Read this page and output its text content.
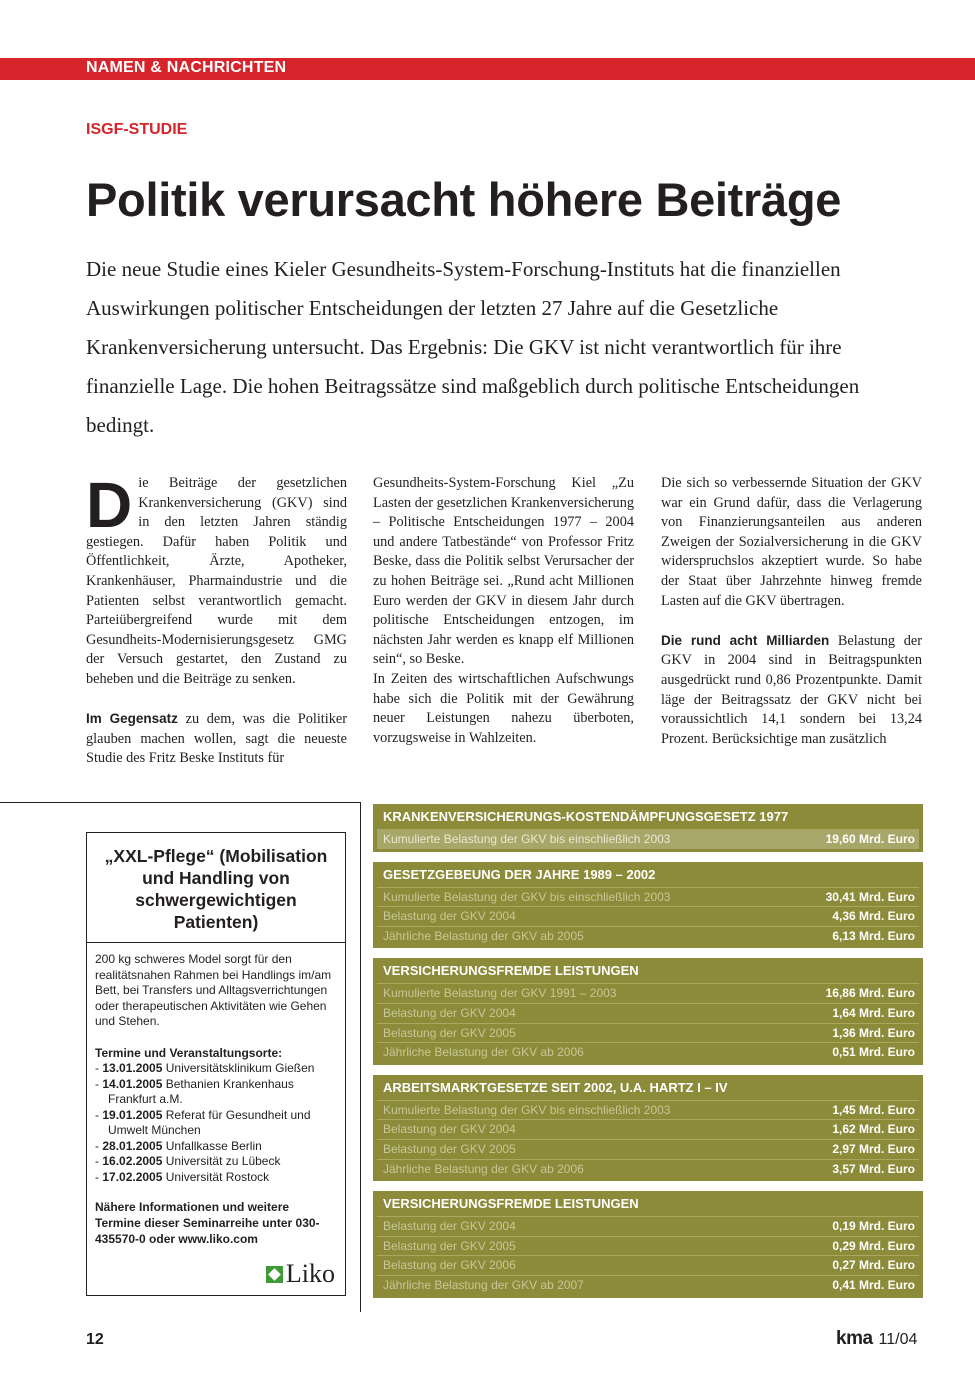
NAMEN & NACHRICHTEN
ISGF-STUDIE
Politik verursacht höhere Beiträge

Die neue Studie eines Kieler Gesundheits-System-Forschung-Instituts hat die finanziellen Auswirkungen politischer Entscheidungen der letzten 27 Jahre auf die Gesetzliche Krankenversicherung untersucht. Das Ergebnis: Die GKV ist nicht verantwortlich für ihre finanzielle Lage. Die hohen Beitragssätze sind maßgeblich durch politische Entscheidungen bedingt.

Die Beiträge der gesetzlichen Krankenversicherung (GKV) sind in den letzten Jahren ständig gestiegen. Dafür haben Politik und Öffentlichkeit, Ärzte, Apotheker, Krankenhäuser, Pharmaindustrie und die Patienten selbst verantwortlich gemacht. Parteiübergreifend wurde mit dem Gesundheits-Modernisierungsgesetz GMG der Versuch gestartet, den Zustand zu beheben und die Beiträge zu senken.

Im Gegensatz zu dem, was die Politiker glauben machen wollen, sagt die neueste Studie des Fritz Beske Instituts für

Gesundheits-System-Forschung Kiel „Zu Lasten der gesetzlichen Krankenversicherung – Politische Entscheidungen 1977 – 2004 und andere Tatbestände“ von Professor Fritz Beske, dass die Politik selbst Verursacher der zu hohen Beiträge sei. „Rund acht Millionen Euro werden der GKV in diesem Jahr durch politische Entscheidungen entzogen, im nächsten Jahr werden es knapp elf Millionen sein“, so Beske.

In Zeiten des wirtschaftlichen Aufschwungs habe sich die Politik mit der Gewährung neuer Leistungen nahezu überboten, vorzugsweise in Wahlzeiten.

Die sich so verbessernde Situation der GKV war ein Grund dafür, dass die Verlagerung von Finanzierungsanteilen aus anderen Zweigen der Sozialversicherung in die GKV widerspruchslos akzeptiert wurde. So habe der Staat über Jahrzehnte hinweg fremde Lasten auf die GKV übertragen.

Die rund acht Milliarden Belastung der GKV in 2004 sind in Beitragspunkten ausgedrückt rund 0,86 Prozentpunkte. Damit läge der Beitragssatz der GKV nicht bei voraussichtlich 14,1 sondern bei 13,24 Prozent. Berücksichtige man zusätzlich

„XXL-Pflege“ (Mobilisation und Handling von schwergewichtigen Patienten)
200 kg schweres Model sorgt für den realitätsnahen Rahmen bei Handlings im/am Bett, bei Transfers und Alltagsverrichtungen oder therapeutischen Aktivitäten wie Gehen und Stehen.
Termine und Veranstaltungsorte:
- 13.01.2005 Universitätsklinikum Gießen
- 14.01.2005 Bethanien Krankenhaus Frankfurt a.M.
- 19.01.2005 Referat für Gesundheit und Umwelt München
- 28.01.2005 Unfallkasse Berlin
- 16.02.2005 Universität zu Lübeck
- 17.02.2005 Universität Rostock
Nähere Informationen und weitere Termine dieser Seminarreihe unter 030-435570-0 oder www.liko.com
Liko
KRANKENVERSICHERUNGS-KOSTENDÄMPFUNGSGESETZ 1977
Kumulierte Belastung der GKV bis einschließlich 2003	19,60 Mrd. Euro
GESETZGEBEUNG DER JAHRE 1989 – 2002
Kumulierte Belastung der GKV bis einschließlich 2003	30,41 Mrd. Euro
Belastung der GKV 2004	4,36 Mrd. Euro
Jährliche Belastung der GKV ab 2005	6,13 Mrd. Euro
VERSICHERUNGSFREMDE LEISTUNGEN
Kumulierte Belastung der GKV 1991 – 2003	16,86 Mrd. Euro
Belastung der GKV 2004	1,64 Mrd. Euro
Belastung der GKV 2005	1,36 Mrd. Euro
Jährliche Belastung der GKV ab 2006	0,51 Mrd. Euro
ARBEITSMARKTGESETZE SEIT 2002, U.A. HARTZ I – IV
Kumulierte Belastung der GKV bis einschließlich 2003	1,45 Mrd. Euro
Belastung der GKV 2004	1,62 Mrd. Euro
Belastung der GKV 2005	2,97 Mrd. Euro
Jährliche Belastung der GKV ab 2006	3,57 Mrd. Euro
VERSICHERUNGSFREMDE LEISTUNGEN
Belastung der GKV 2004	0,19 Mrd. Euro
Belastung der GKV 2005	0,29 Mrd. Euro
Belastung der GKV 2006	0,27 Mrd. Euro
Jährliche Belastung der GKV ab 2007	0,41 Mrd. Euro
12	kma 11/04
